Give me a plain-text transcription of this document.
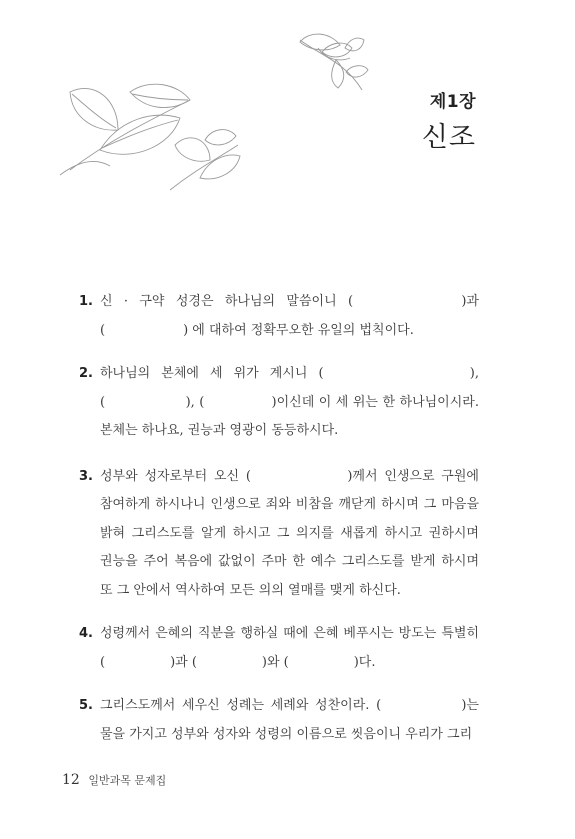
제1장
신조
1. 신 · 구약 성경은 하나님의 말씀이니 (　　　　　)과 (　　　　　　) 에 대하여 정확무오한 유일의 법칙이다.
2. 하나님의 본체에 세 위가 계시니 (　　　　　　　), (　　　　　　), (　　　　　)이신데 이 세 위는 한 하나님이시라. 본체는 하나요, 권능과 영광이 동등하시다.
3. 성부와 성자로부터 오신 (　　　　　　)께서 인생으로 구원에 참여하게 하시나니 인생으로 죄와 비참을 깨닫게 하시며 그 마음을 밝혀 그리스도를 알게 하시고 그 의지를 새롭게 하시고 권하시며 권능을 주어 복음에 값없이 주마 한 예수 그리스도를 받게 하시며 또 그 안에서 역사하여 모든 의의 열매를 맺게 하신다.
4. 성령께서 은혜의 직분을 행하실 때에 은혜 베푸시는 방도는 특별히 (　　　　　)과 (　　　　　)와 (　　　　　)다.
5. 그리스도께서 세우신 성례는 세례와 성찬이라. (　　　　　)는 물을 가지고 성부와 성자와 성령의 이름으로 씻음이니 우리가 그리
12 일반과목 문제집
